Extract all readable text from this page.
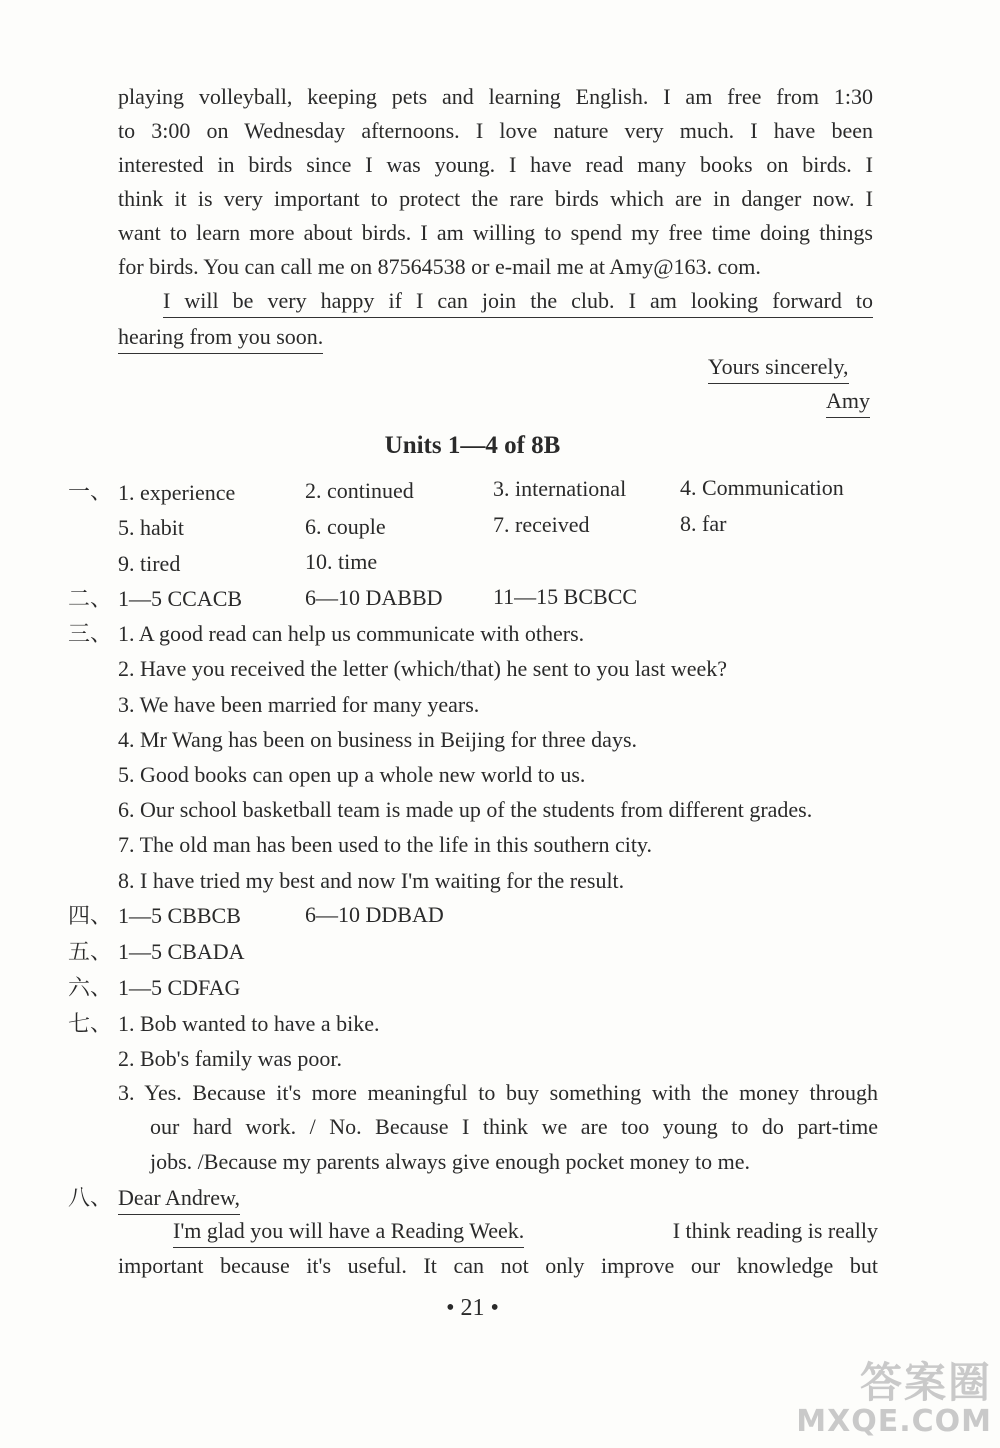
playing volleyball, keeping pets and learning English. I am free from 1:30
to 3:00 on Wednesday afternoons. I love nature very much. I have been
interested in birds since I was young. I have read many books on birds. I
think it is very important to protect the rare birds which are in danger now. I
want to learn more about birds. I am willing to spend my free time doing things
for birds. You can call me on 87564538 or e-mail me at Amy@163. com.
I will be very happy if I can join the club. I am looking forward to
hearing from you soon.
Yours sincerely,
Amy
Units 1—4 of 8B
一、 1. experience	2. continued	3. international 4. Communication
5. habit	6. couple	7. received	8. far
9. tired	10. time
二、 1—5 CCACB	6—10 DABBD 11—15 BCBCC
三、 1. A good read can help us communicate with others.
2. Have you received the letter (which/that) he sent to you last week?
3. We have been married for many years.
4. Mr Wang has been on business in Beijing for three days.
5. Good books can open up a whole new world to us.
6. Our school basketball team is made up of the students from different grades.
7. The old man has been used to the life in this southern city.
8. I have tried my best and now I'm waiting for the result.
四、 1—5 CBBCB	6—10 DDBAD
五、 1—5 CBADA
六、 1—5 CDFAG
七、 1. Bob wanted to have a bike.
2. Bob's family was poor.
3. Yes. Because it's more meaningful to buy something with the money through
our hard work. / No. Because I think we are too young to do part-time
jobs. /Because my parents always give enough pocket money to me.
八、 Dear Andrew,
I'm glad you will have a Reading Week.	I think reading is really
important because it's useful. It can not only improve our knowledge but
• 21 •
答案圈
MXQE.COM
